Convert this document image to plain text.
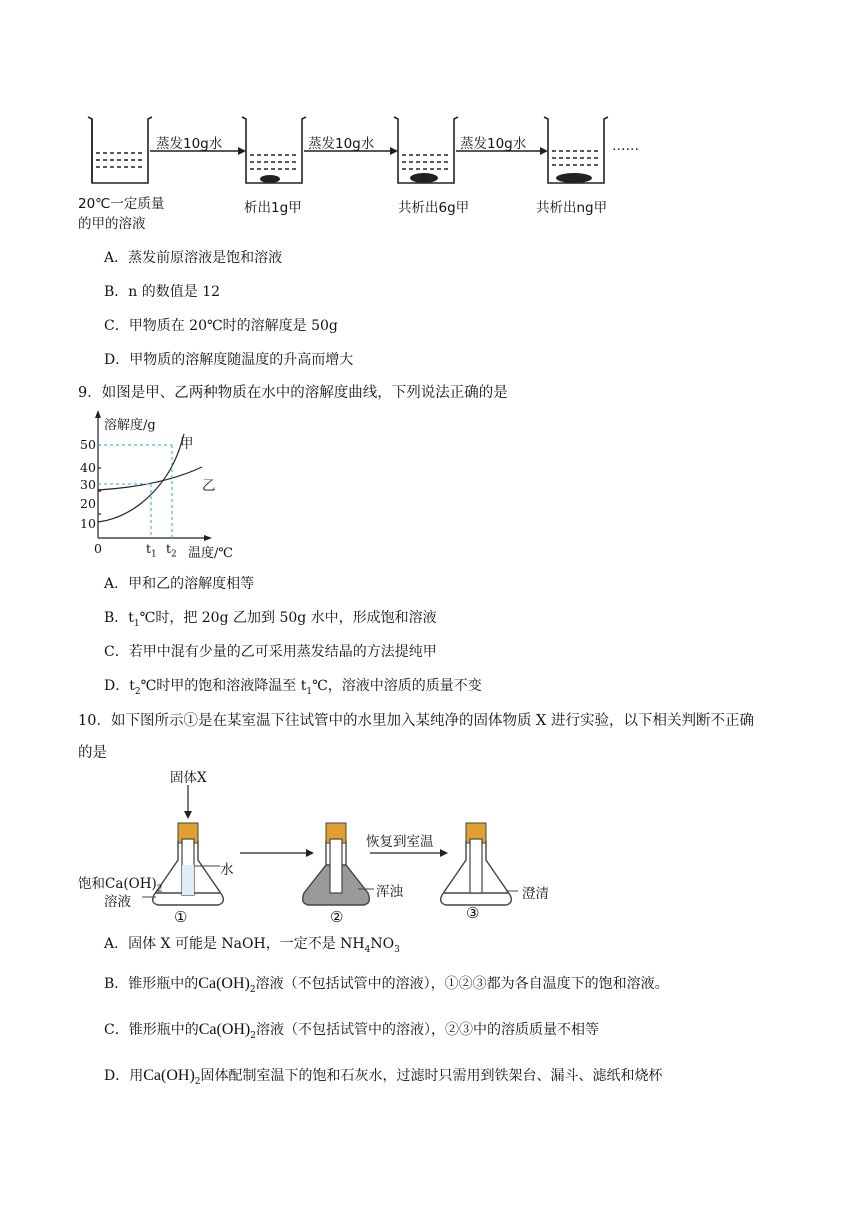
蒸发10g水	蒸发10g水	蒸发10g水	……
20℃一定质量
的甲的溶液
析出1g甲	共析出6g甲	共析出ng甲
A．蒸发前原溶液是饱和溶液
B．n 的数值是 12
C．甲物质在 20℃时的溶解度是 50g
D．甲物质的溶解度随温度的升高而增大
9．如图是甲、乙两种物质在水中的溶解度曲线，下列说法正确的是
溶解度/g
50
40
30
20
10
0	$t_1$ $t_2$ 温度/℃
甲
乙
A．甲和乙的溶解度相等
B．$t_1℃$时，把 20g 乙加到 50g 水中，形成饱和溶液
C．若甲中混有少量的乙可采用蒸发结晶的方法提纯甲
D．$t_2℃$时甲的饱和溶液降温至 $t_1℃$，溶液中溶质的质量不变
10．如下图所示①是在某室温下往试管中的水里加入某纯净的固体物质 X 进行实验，以下相关判断不正确
的是
固体X
恢复到室温
水
饱和$Ca(OH)_2$
溶液
浑浊	澄清
①	②	③
A．固体 X 可能是 NaOH，一定不是 $NH_4NO_3$
B．锥形瓶中的$Ca(OH)_2$溶液（不包括试管中的溶液），①②③都为各自温度下的饱和溶液。
C．锥形瓶中的$Ca(OH)_2$溶液（不包括试管中的溶液），②③中的溶质质量不相等
D．用$Ca(OH)_2$固体配制室温下的饱和石灰水，过滤时只需用到铁架台、漏斗、滤纸和烧杯
